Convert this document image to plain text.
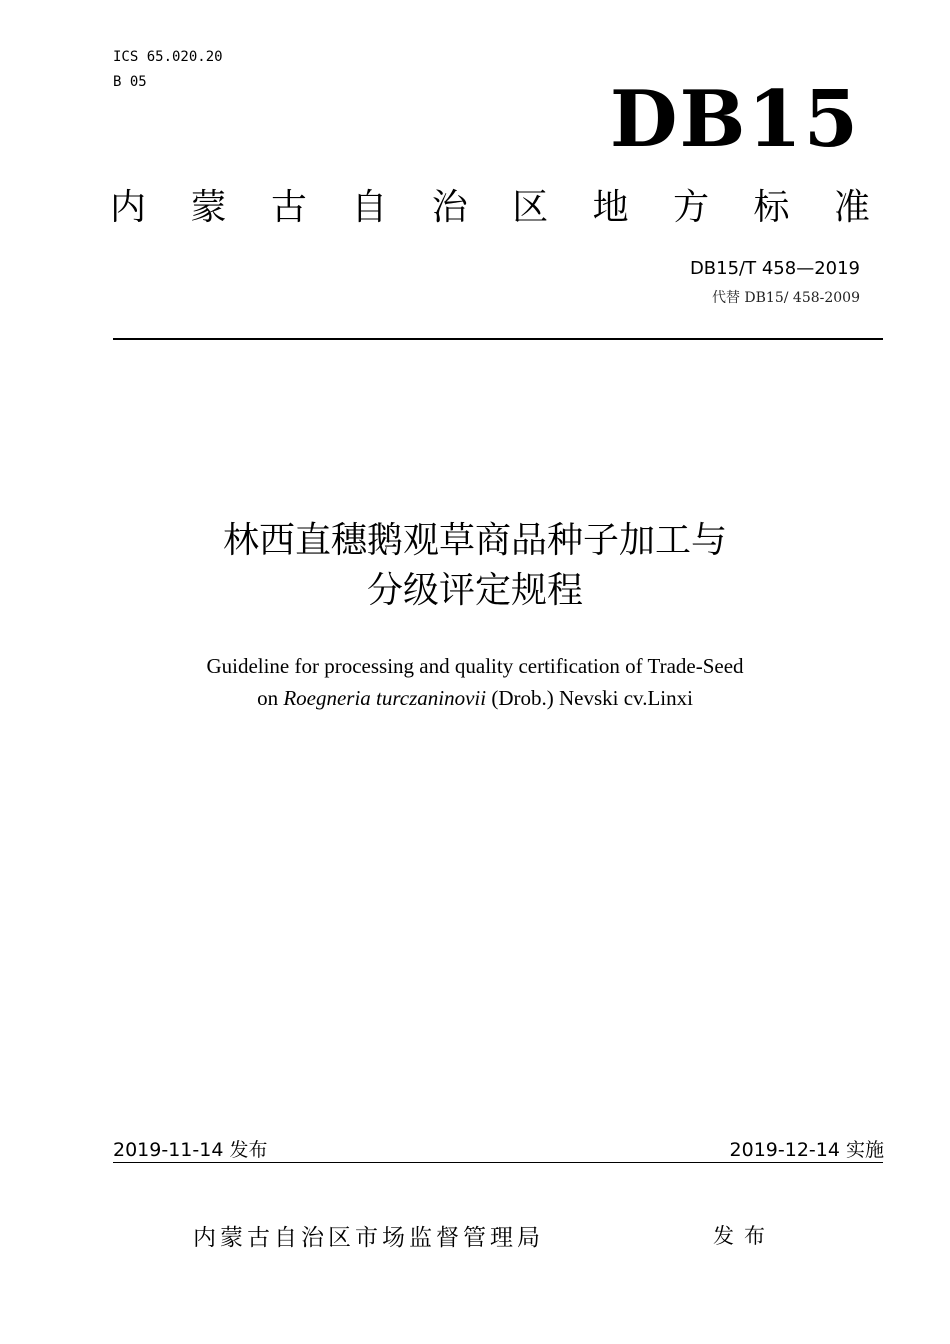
ICS 65.020.20
B 05	DB15
内 蒙 古 自 治 区 地 方 标 准
DB15/T 458—2019
代替 DB15/ 458-2009
林西直穗鹅观草商品种子加工与
分级评定规程
Guideline for processing and quality certification of Trade-Seed
on Roegneria turczaninovii (Drob.) Nevski cv.Linxi
2019-11-14 发布	2019-12-14 实施
内蒙古自治区市场监督管理局	发布
